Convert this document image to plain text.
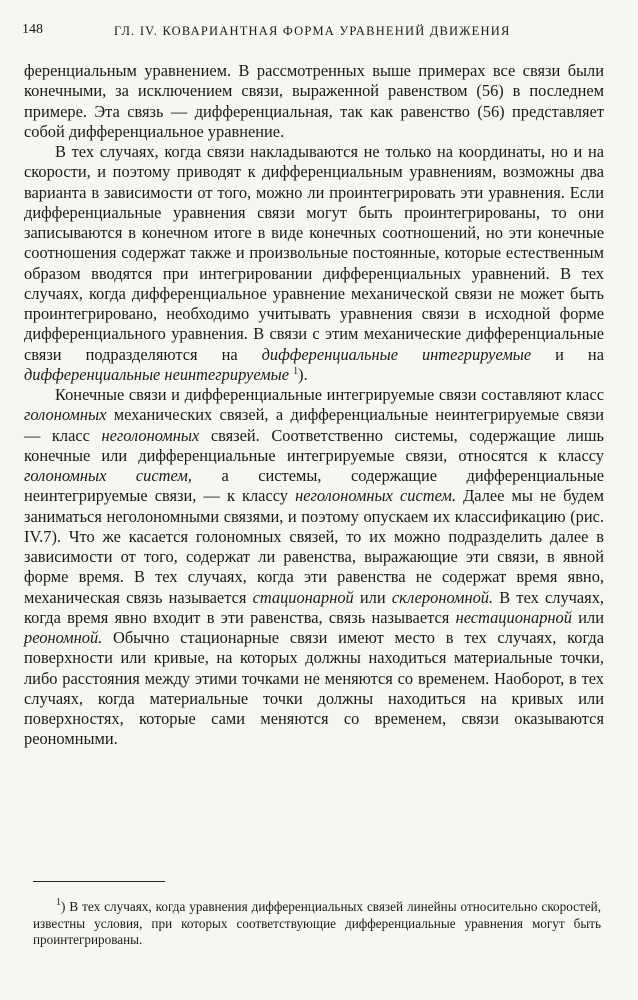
148	ГЛ. IV. КОВАРИАНТНАЯ ФОРМА УРАВНЕНИЙ ДВИЖЕНИЯ

ференциальным уравнением. В рассмотренных выше примерах все связи были конечными, за исключением связи, выраженной равенством (56) в последнем примере. Эта связь — дифференциальная, так как равенство (56) представляет собой дифференциальное уравнение.

В тех случаях, когда связи накладываются не только на координаты, но и на скорости, и поэтому приводят к дифференциальным уравнениям, возможны два варианта в зависимости от того, можно ли проинтегрировать эти уравнения. Если дифференциальные уравнения связи могут быть проинтегрированы, то они записываются в конечном итоге в виде конечных соотношений, но эти конечные соотношения содержат также и произвольные постоянные, которые естественным образом вводятся при интегрировании дифференциальных уравнений. В тех случаях, когда дифференциальное уравнение механической связи не может быть проинтегрировано, необходимо учитывать уравнения связи в исходной форме дифференциального уравнения. В связи с этим механические дифференциальные связи подразделяются на дифференциальные интегрируемые и на дифференциальные неинтегрируемые $^1$).

Конечные связи и дифференциальные интегрируемые связи составляют класс голономных механических связей, а дифференциальные неинтегрируемые связи — класс неголономных связей. Соответственно системы, содержащие лишь конечные или дифференциальные интегрируемые связи, относятся к классу голономных систем, а системы, содержащие дифференциальные неинтегрируемые связи, — к классу неголономных систем. Далее мы не будем заниматься неголономными связями, и поэтому опускаем их классификацию (рис. IV.7). Что же касается голономных связей, то их можно подразделить далее в зависимости от того, содержат ли равенства, выражающие эти связи, в явной форме время. В тех случаях, когда эти равенства не содержат время явно, механическая связь называется стационарной или склерономной. В тех случаях, когда время явно входит в эти равенства, связь называется нестационарной или реономной. Обычно стационарные связи имеют место в тех случаях, когда поверхности или кривые, на которых должны находиться материальные точки, либо расстояния между этими точками не меняются со временем. Наоборот, в тех случаях, когда материальные точки должны находиться на кривых или поверхностях, которые сами меняются со временем, связи оказываются реономными.

$^1$) В тех случаях, когда уравнения дифференциальных связей линейны относительно скоростей, известны условия, при которых соответствующие дифференциальные уравнения могут быть проинтегрированы.
